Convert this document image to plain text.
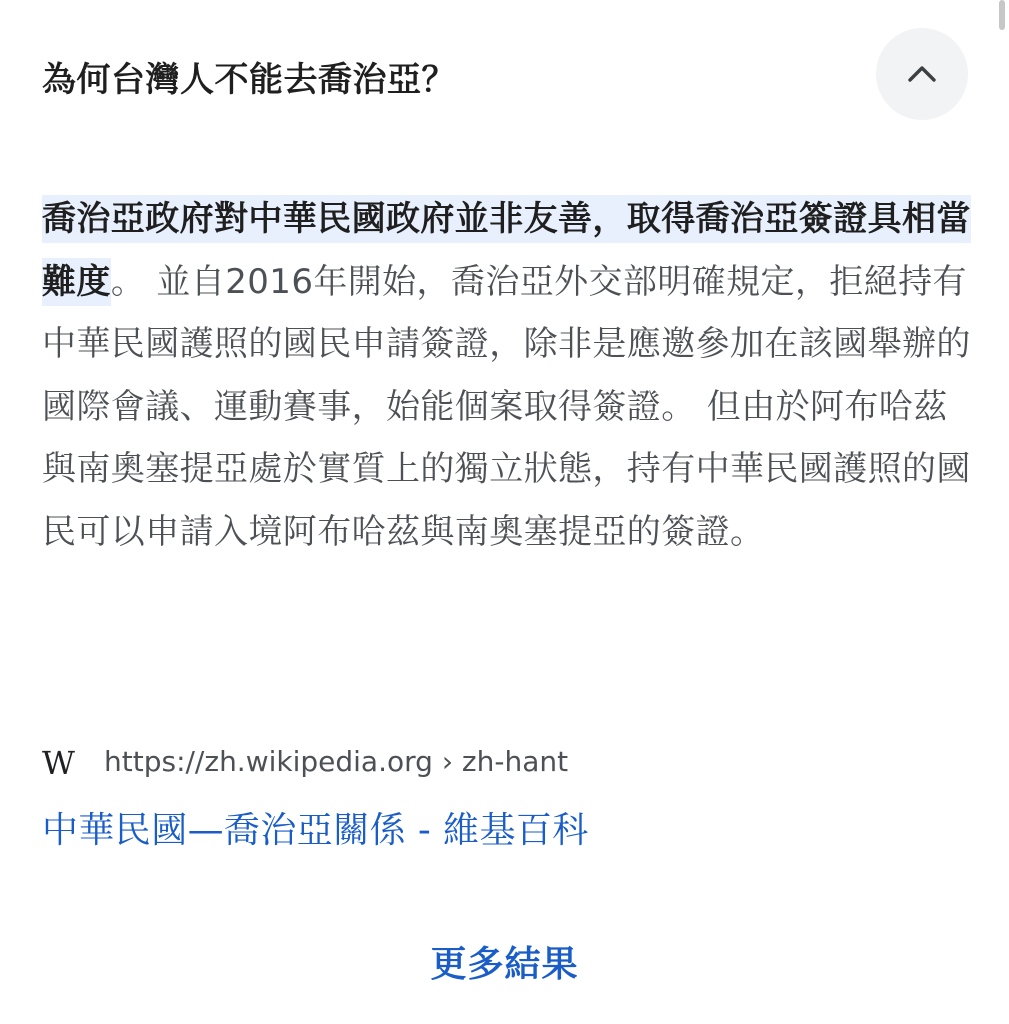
為何台灣人不能去喬治亞？

喬治亞政府對中華民國政府並非友善，取得喬治亞簽證具相當難度。 並自2016年開始，喬治亞外交部明確規定，拒絕持有中華民國護照的國民申請簽證，除非是應邀參加在該國舉辦的國際會議、運動賽事，始能個案取得簽證。 但由於阿布哈茲與南奧塞提亞處於實質上的獨立狀態，持有中華民國護照的國民可以申請入境阿布哈茲與南奧塞提亞的簽證。

W https://zh.wikipedia.org › zh-hant
中華民國—喬治亞關係 - 維基百科
更多結果
